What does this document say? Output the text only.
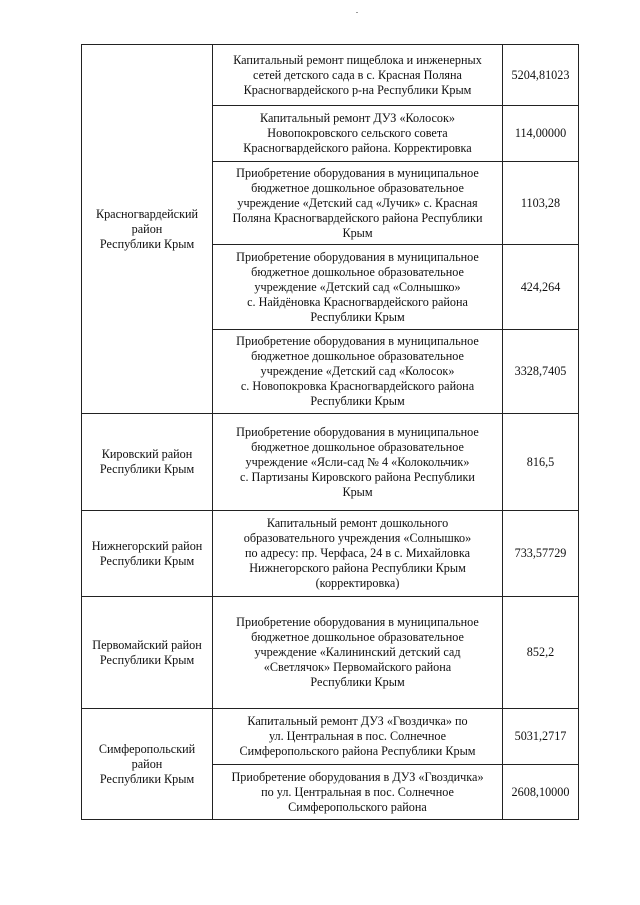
Красногвардейский
район
Республики Крым	Капитальный ремонт пищеблока и инженерных
сетей детского сада в с. Красная Поляна
Красногвардейского р-на Республики Крым	5204,81023

	Капитальный ремонт ДУЗ «Колосок»
Новопокровского сельского совета
Красногвардейского района. Корректировка	114,00000

	Приобретение оборудования в муниципальное
бюджетное дошкольное образовательное
учреждение «Детский сад «Лучик» с. Красная
Поляна Красногвардейского района Республики
Крым	1103,28

	Приобретение оборудования в муниципальное
бюджетное дошкольное образовательное
учреждение «Детский сад «Солнышко»
с. Найдёновка Красногвардейского района
Республики Крым	424,264

	Приобретение оборудования в муниципальное
бюджетное дошкольное образовательное
учреждение «Детский сад «Колосок»
с. Новопокровка Красногвардейского района
Республики Крым	3328,7405

Кировский район
Республики Крым	Приобретение оборудования в муниципальное
бюджетное дошкольное образовательное
учреждение «Ясли-сад № 4 «Колокольчик»
с. Партизаны Кировского района Республики
Крым	816,5

Нижнегорский район
Республики Крым	Капитальный ремонт дошкольного
образовательного учреждения «Солнышко»
по адресу: пр. Черфаса, 24 в с. Михайловка
Нижнегорского района Республики Крым
(корректировка)	733,57729

Первомайский район
Республики Крым	Приобретение оборудования в муниципальное
бюджетное дошкольное образовательное
учреждение «Калининский детский сад
«Светлячок» Первомайского района
Республики Крым	852,2

Симферопольский
район
Республики Крым	Капитальный ремонт ДУЗ «Гвоздичка» по
ул. Центральная в пос. Солнечное
Симферопольского района Республики Крым	5031,2717

	Приобретение оборудования в ДУЗ «Гвоздичка»
по ул. Центральная в пос. Солнечное
Симферопольского района	2608,10000
